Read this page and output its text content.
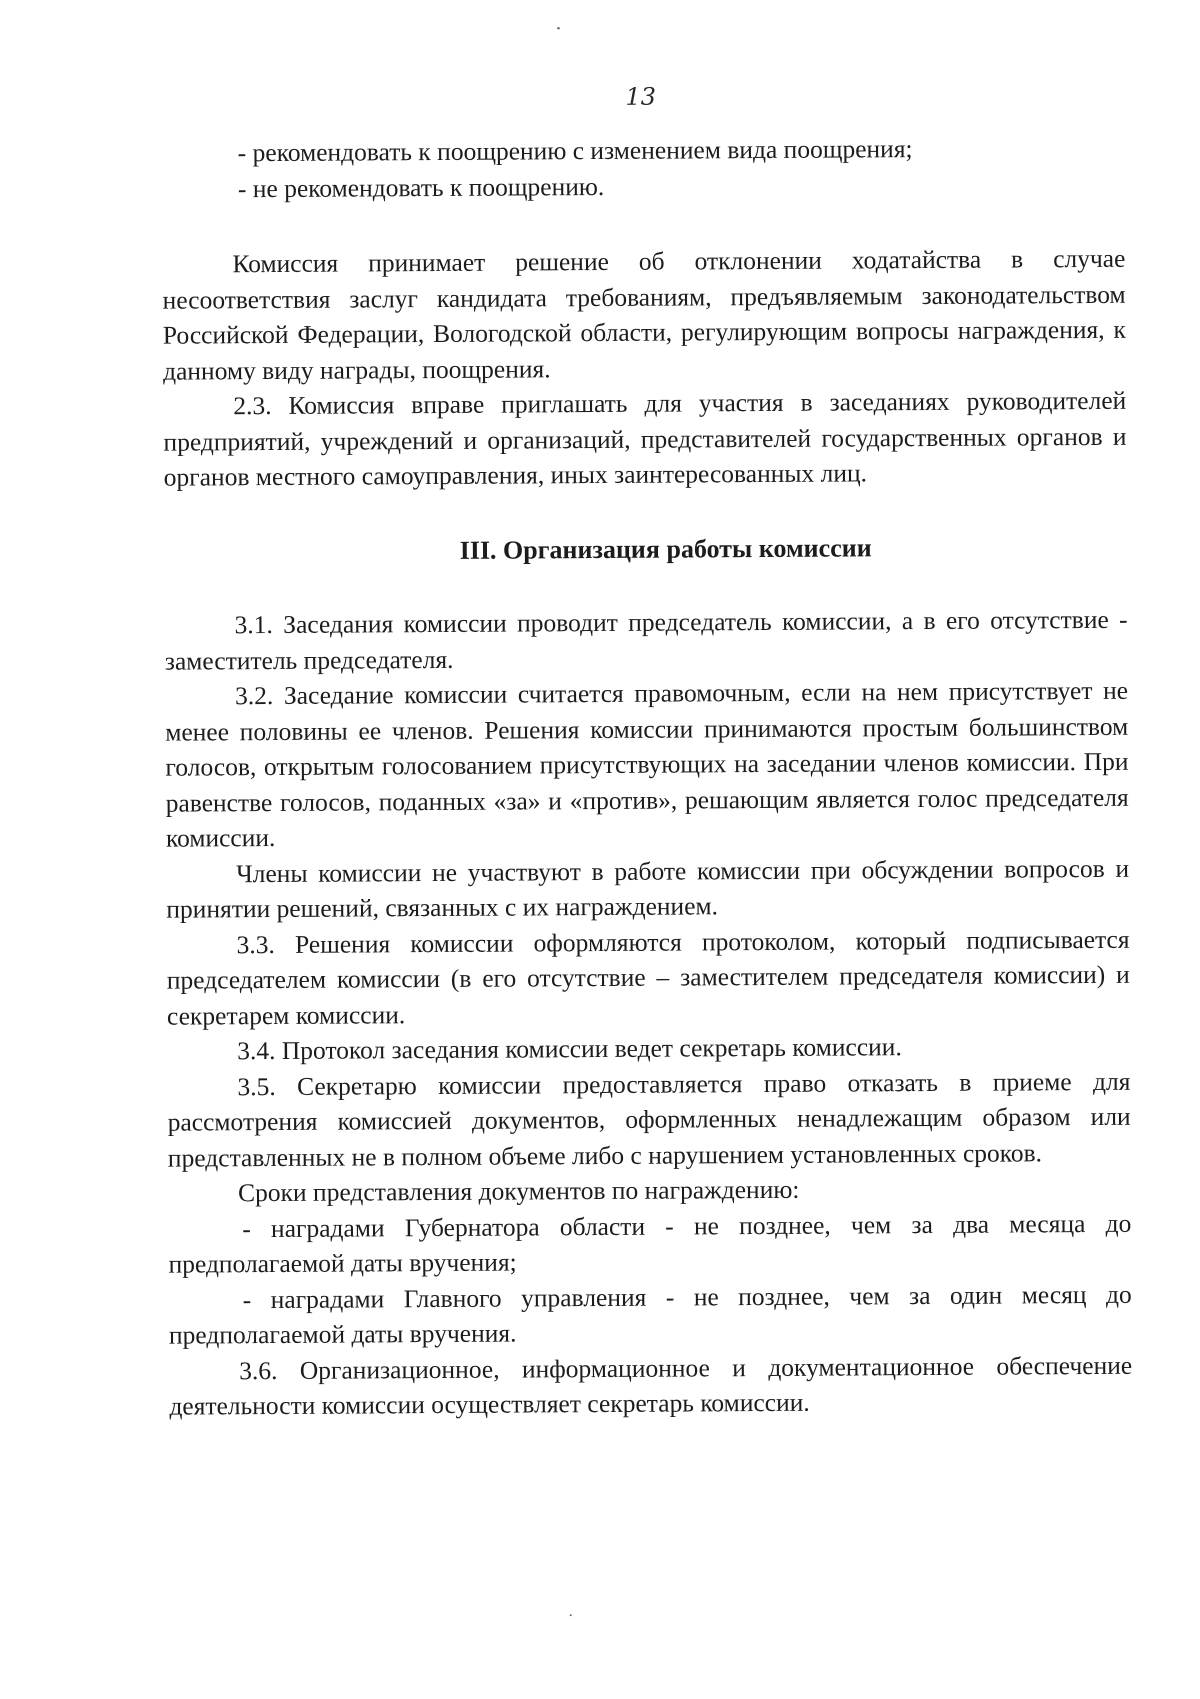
13

- рекомендовать к поощрению с изменением вида поощрения;

- не рекомендовать к поощрению.

Комиссия принимает решение об отклонении ходатайства в случае несоответствия заслуг кандидата требованиям, предъявляемым законодательством Российской Федерации, Вологодской области, регулирующим вопросы награждения, к данному виду награды, поощрения.

2.3. Комиссия вправе приглашать для участия в заседаниях руководителей предприятий, учреждений и организаций, представителей государственных органов и органов местного самоуправления, иных заинтересованных лиц.

III. Организация работы комиссии

3.1. Заседания комиссии проводит председатель комиссии, а в его отсутствие - заместитель председателя.

3.2. Заседание комиссии считается правомочным, если на нем присутствует не менее половины ее членов. Решения комиссии принимаются простым большинством голосов, открытым голосованием присутствующих на заседании членов комиссии. При равенстве голосов, поданных «за» и «против», решающим является голос председателя комиссии.

Члены комиссии не участвуют в работе комиссии при обсуждении вопросов и принятии решений, связанных с их награждением.

3.3. Решения комиссии оформляются протоколом, который подписывается председателем комиссии (в его отсутствие – заместителем председателя комиссии) и секретарем комиссии.

3.4. Протокол заседания комиссии ведет секретарь комиссии.

3.5. Секретарю комиссии предоставляется право отказать в приеме для рассмотрения комиссией документов, оформленных ненадлежащим образом или представленных не в полном объеме либо с нарушением установленных сроков.

Сроки представления документов по награждению:

- наградами Губернатора области - не позднее, чем за два месяца до предполагаемой даты вручения;

- наградами Главного управления - не позднее, чем за один месяц до предполагаемой даты вручения.

3.6. Организационное, информационное и документационное обеспечение деятельности комиссии осуществляет секретарь комиссии.
